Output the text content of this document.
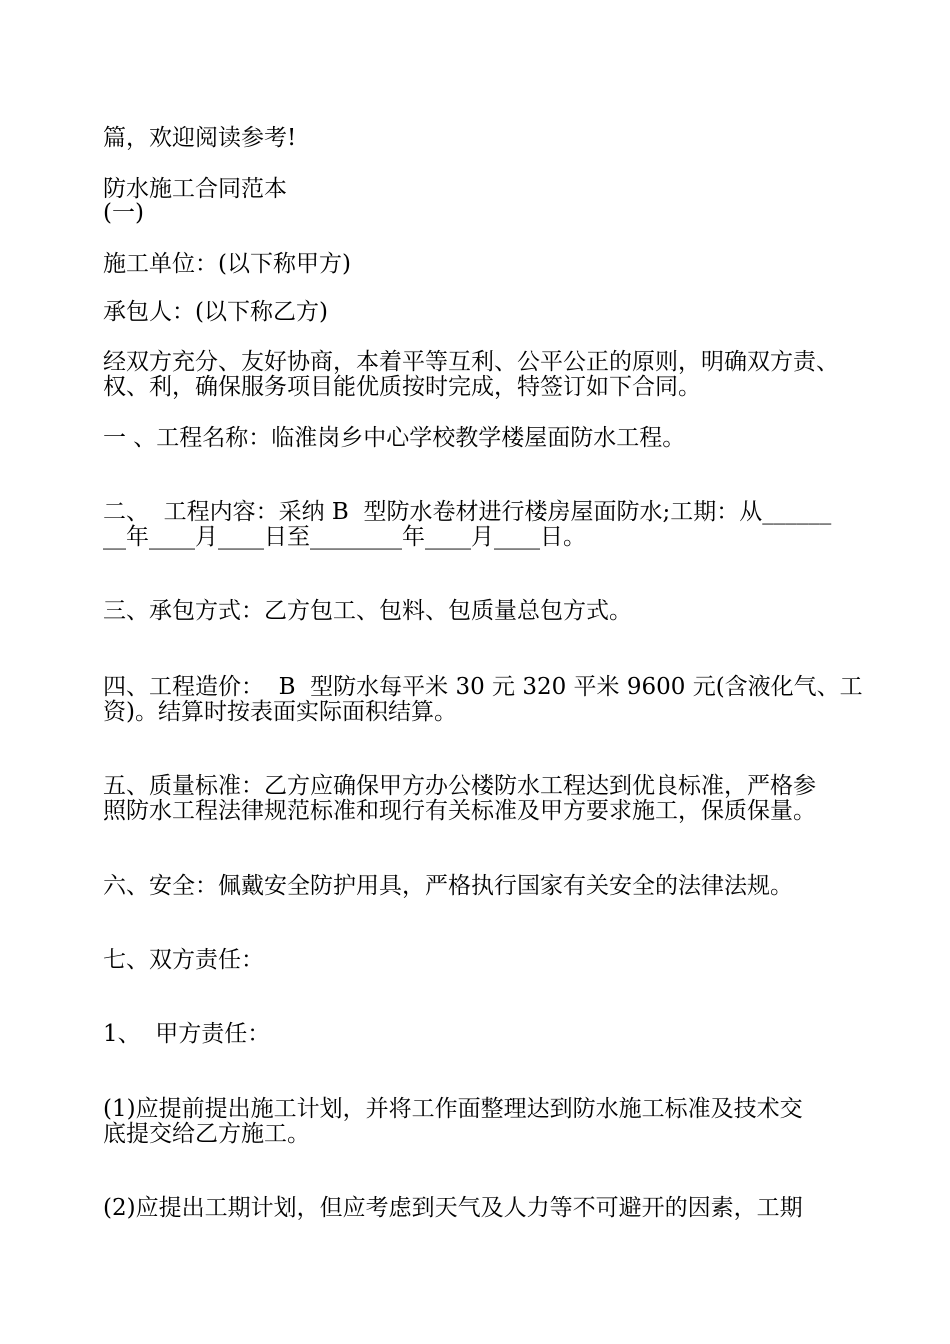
篇，欢迎阅读参考!
防水施工合同范本
(一)
施工单位：(以下称甲方)
承包人：(以下称乙方)
经双方充分、友好协商，本着平等互利、公平公正的原则，明确双方责、
权、利，确保服务项目能优质按时完成，特签订如下合同。
一 、工程名称：临淮岗乡中心学校教学楼屋面防水工程。
二、  工程内容：采纳 B  型防水卷材进行楼房屋面防水;工期：从______
__年____月____日至________年____月____日。
三、承包方式：乙方包工、包料、包质量总包方式。
四、工程造价：  B  型防水每平米 30 元 320 平米 9600 元(含液化气、工
资)。结算时按表面实际面积结算。
五、质量标准：乙方应确保甲方办公楼防水工程达到优良标准，严格参
照防水工程法律规范标准和现行有关标准及甲方要求施工，保质保量。
六、安全：佩戴安全防护用具，严格执行国家有关安全的法律法规。
七、双方责任：
1、  甲方责任：
(1)应提前提出施工计划，并将工作面整理达到防水施工标准及技术交
底提交给乙方施工。
(2)应提出工期计划，但应考虑到天气及人力等不可避开的因素，工期
